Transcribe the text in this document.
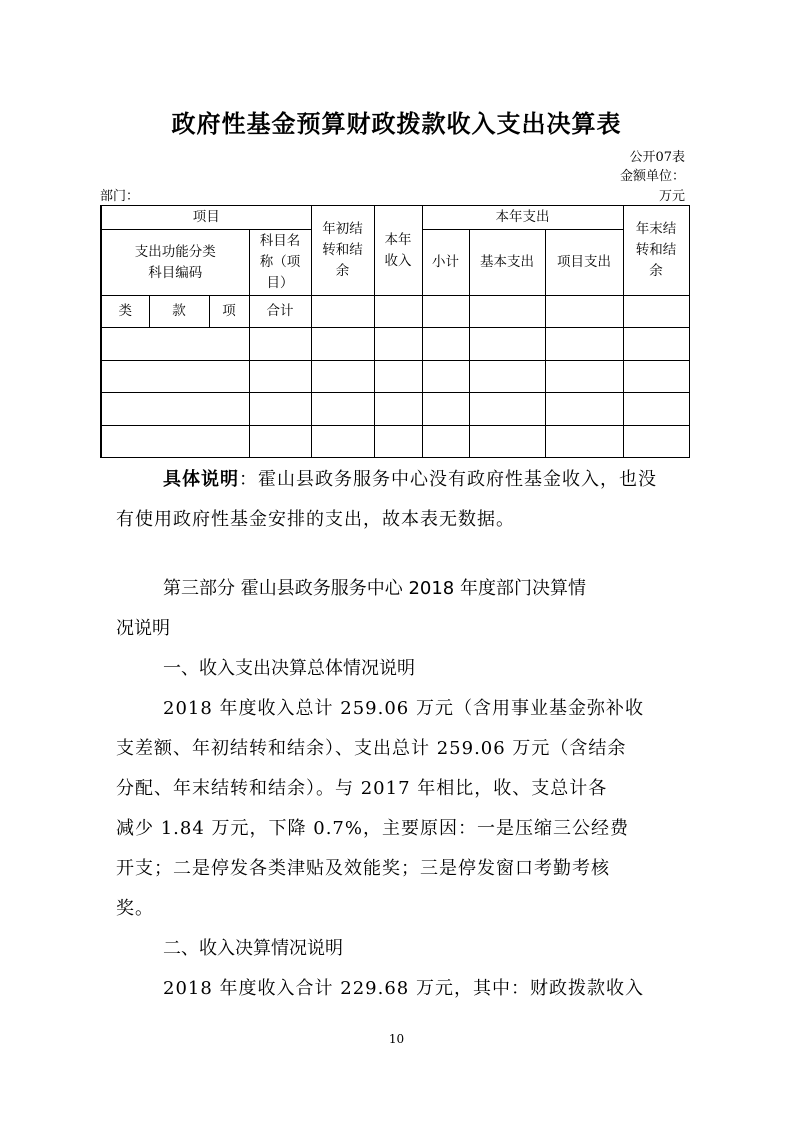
政府性基金预算财政拨款收入支出决算表
公开07表
金额单位：
部门：	万元
项目				年初结转和结余	本年收入	本年支出			年末结转和结余

支出功能分类科目编码			科目名称（项目）			小计	基本支出	项目支出	
类	款	项	合计						

具体说明：霍山县政务服务中心没有政府性基金收入，也没
有使用政府性基金安排的支出，故本表无数据。
第三部分 霍山县政务服务中心 2018 年度部门决算情
况说明
一、收入支出决算总体情况说明
2018 年度收入总计 259.06 万元（含用事业基金弥补收
支差额、年初结转和结余）、支出总计 259.06 万元（含结余
分配、年末结转和结余）。与 2017 年相比，收、支总计各
减少 1.84 万元，下降 0.7%，主要原因：一是压缩三公经费
开支；二是停发各类津贴及效能奖；三是停发窗口考勤考核
奖。
二、收入决算情况说明
2018 年度收入合计 229.68 万元，其中：财政拨款收入
10
